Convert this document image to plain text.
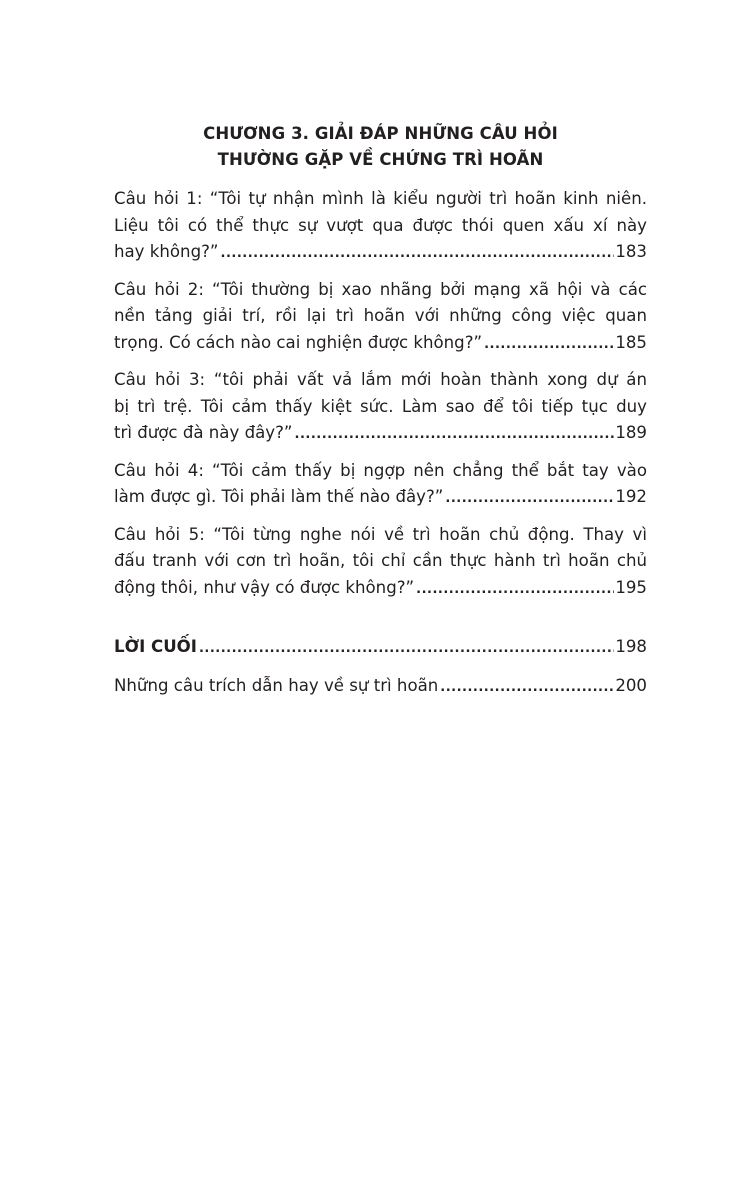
CHƯƠNG 3. GIẢI ĐÁP NHỮNG CÂU HỎI
THƯỜNG GẶP VỀ CHỨNG TRÌ HOÃN
Câu hỏi 1: “Tôi tự nhận mình là kiểu người trì hoãn kinh niên.
Liệu tôi có thể thực sự vượt qua được thói quen xấu xí này
hay không?” .....	183
Câu hỏi 2: “Tôi thường bị xao nhãng bởi mạng xã hội và các
nền tảng giải trí, rồi lại trì hoãn với những công việc quan
trọng. Có cách nào cai nghiện được không?” .....	185
Câu hỏi 3: “tôi phải vất vả lắm mới hoàn thành xong dự án
bị trì trệ. Tôi cảm thấy kiệt sức. Làm sao để tôi tiếp tục duy
trì được đà này đây?” .....	189
Câu hỏi 4: “Tôi cảm thấy bị ngợp nên chẳng thể bắt tay vào
làm được gì. Tôi phải làm thế nào đây?” .....	192
Câu hỏi 5: “Tôi từng nghe nói về trì hoãn chủ động. Thay vì
đấu tranh với cơn trì hoãn, tôi chỉ cần thực hành trì hoãn chủ
động thôi, như vậy có được không?” .....	195
LỜI CUỐI .....	198
Những câu trích dẫn hay về sự trì hoãn .....	200
